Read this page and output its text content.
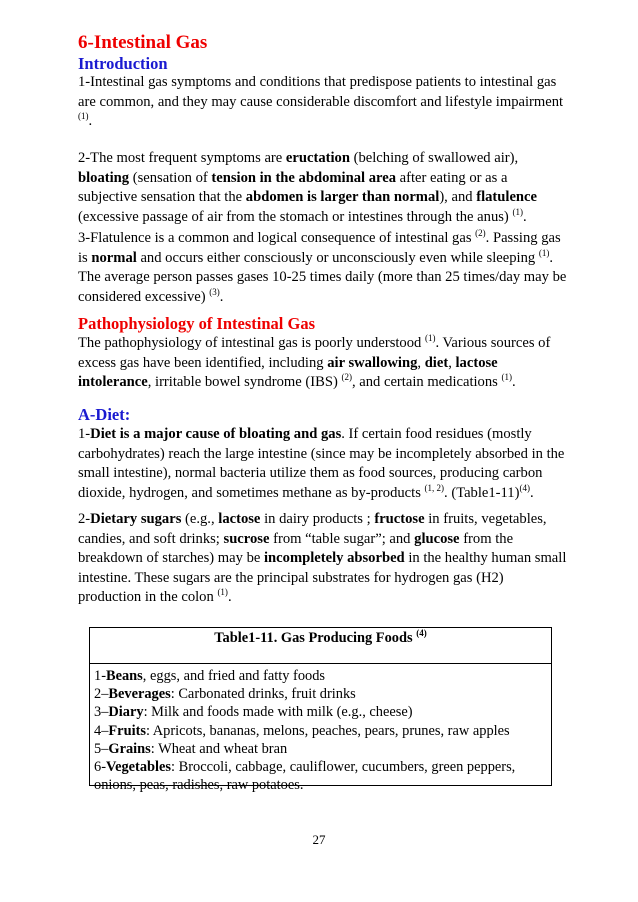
6-Intestinal Gas
Introduction

1-Intestinal gas symptoms and conditions that predispose patients to intestinal gas are common, and they may cause considerable discomfort and lifestyle impairment $^{(1)}$.

2-The most frequent symptoms are eructation (belching of swallowed air), bloating (sensation of tension in the abdominal area after eating or as a subjective sensation that the abdomen is larger than normal), and flatulence (excessive passage of air from the stomach or intestines through the anus) $^{(1)}$.

3-Flatulence is a common and logical consequence of intestinal gas $^{(2)}$. Passing gas is normal and occurs either consciously or unconsciously even while sleeping $^{(1)}$. The average person passes gases 10-25 times daily (more than 25 times/day may be considered excessive) $^{(3)}$.

Pathophysiology of Intestinal Gas

The pathophysiology of intestinal gas is poorly understood $^{(1)}$. Various sources of excess gas have been identified, including air swallowing, diet, lactose intolerance, irritable bowel syndrome (IBS) $^{(2)}$, and certain medications $^{(1)}$.

A-Diet:

1-Diet is a major cause of bloating and gas. If certain food residues (mostly carbohydrates) reach the large intestine (since may be incompletely absorbed in the small intestine), normal bacteria utilize them as food sources, producing carbon dioxide, hydrogen, and sometimes methane as by-products $^{(1, 2)}$. (Table1-11)$^{(4)}$.

2-Dietary sugars (e.g., lactose in dairy products ; fructose in fruits, vegetables, candies, and soft drinks; sucrose from “table sugar”; and glucose from the breakdown of starches) may be incompletely absorbed in the healthy human small intestine. These sugars are the principal substrates for hydrogen gas (H2) production in the colon $^{(1)}$.

Table1-11. Gas Producing Foods $^{(4)}$
1-Beans, eggs, and fried and fatty foods
2–Beverages: Carbonated drinks, fruit drinks
3–Diary: Milk and foods made with milk (e.g., cheese)
4–Fruits: Apricots, bananas, melons, peaches, pears, prunes, raw apples
5–Grains: Wheat and wheat bran
6-Vegetables: Broccoli, cabbage, cauliflower, cucumbers, green peppers, onions, peas, radishes, raw potatoes.
27
